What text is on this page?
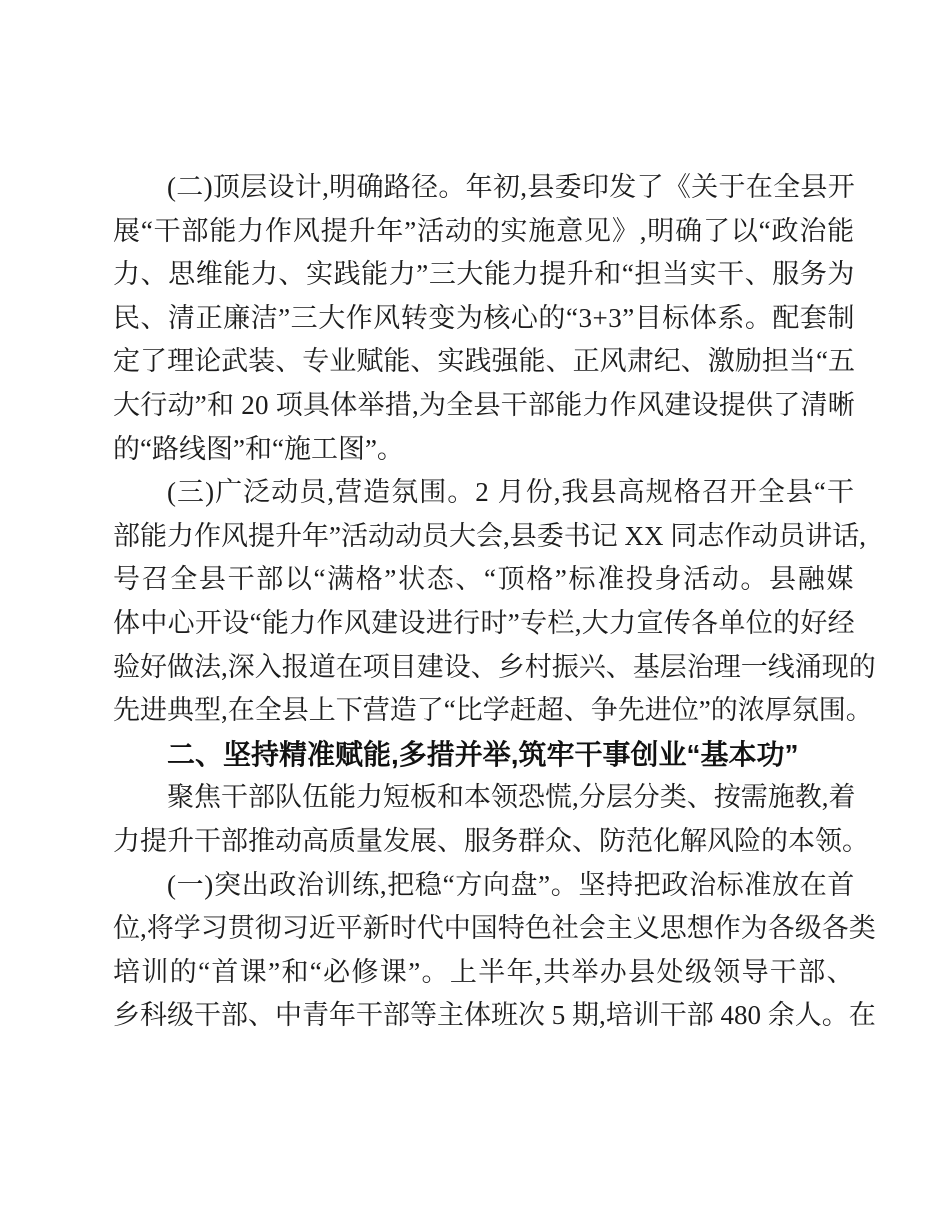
(二)顶层设计,明确路径。年初,县委印发了《关于在全县开
展“干部能力作风提升年”活动的实施意见》,明确了以“政治能
力、思维能力、实践能力”三大能力提升和“担当实干、服务为
民、清正廉洁”三大作风转变为核心的“3+3”目标体系。配套制
定了理论武装、专业赋能、实践强能、正风肃纪、激励担当“五
大行动”和 20 项具体举措,为全县干部能力作风建设提供了清晰
的“路线图”和“施工图”。
(三)广泛动员,营造氛围。2 月份,我县高规格召开全县“干
部能力作风提升年”活动动员大会,县委书记 XX 同志作动员讲话,
号召全县干部以“满格”状态、“顶格”标准投身活动。县融媒
体中心开设“能力作风建设进行时”专栏,大力宣传各单位的好经
验好做法,深入报道在项目建设、乡村振兴、基层治理一线涌现的
先进典型,在全县上下营造了“比学赶超、争先进位”的浓厚氛围。
二、坚持精准赋能,多措并举,筑牢干事创业“基本功”
聚焦干部队伍能力短板和本领恐慌,分层分类、按需施教,着
力提升干部推动高质量发展、服务群众、防范化解风险的本领。
(一)突出政治训练,把稳“方向盘”。坚持把政治标准放在首
位,将学习贯彻习近平新时代中国特色社会主义思想作为各级各类
培训的“首课”和“必修课”。上半年,共举办县处级领导干部、
乡科级干部、中青年干部等主体班次 5 期,培训干部 480 余人。在
